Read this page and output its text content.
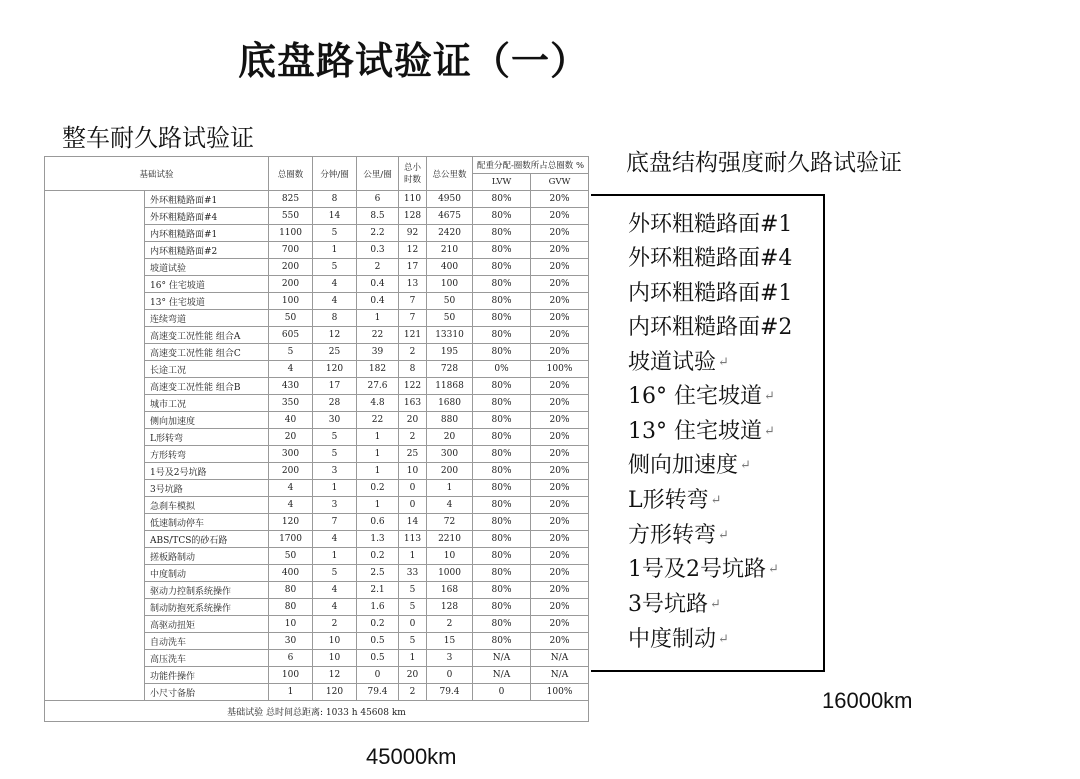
底盘路试验证（一）
整车耐久路试验证
底盘结构强度耐久路试验证
基础试验		总圈数	分钟/圈	公里/圈	总小时数	总公里数	配重分配-圈数所占总圈数 %	
							LVW	GVW
	外环粗糙路面#1	825	8	6	110	4950	80%	20%
	外环粗糙路面#4	550	14	8.5	128	4675	80%	20%
	内环粗糙路面#1	1100	5	2.2	92	2420	80%	20%
	内环粗糙路面#2	700	1	0.3	12	210	80%	20%
	坡道试验	200	5	2	17	400	80%	20%
	16° 住宅坡道	200	4	0.4	13	100	80%	20%
	13° 住宅坡道	100	4	0.4	7	50	80%	20%
	连续弯道	50	8	1	7	50	80%	20%
	高速变工况性能 组合A	605	12	22	121	13310	80%	20%
	高速变工况性能 组合C	5	25	39	2	195	80%	20%
	长途工况	4	120	182	8	728	0%	100%
	高速变工况性能 组合B	430	17	27.6	122	11868	80%	20%
	城市工况	350	28	4.8	163	1680	80%	20%
	侧向加速度	40	30	22	20	880	80%	20%
	L形转弯	20	5	1	2	20	80%	20%
	方形转弯	300	5	1	25	300	80%	20%
	1号及2号坑路	200	3	1	10	200	80%	20%
	3号坑路	4	1	0.2	0	1	80%	20%
	急刹车模拟	4	3	1	0	4	80%	20%
	低速制动停车	120	7	0.6	14	72	80%	20%
	ABS/TCS的砂石路	1700	4	1.3	113	2210	80%	20%
	搓板路制动	50	1	0.2	1	10	80%	20%
	中度制动	400	5	2.5	33	1000	80%	20%
	驱动力控制系统操作	80	4	2.1	5	168	80%	20%
	制动防抱死系统操作	80	4	1.6	5	128	80%	20%
	高驱动扭矩	10	2	0.2	0	2	80%	20%
	自动洗车	30	10	0.5	5	15	80%	20%
	高压洗车	6	10	0.5	1	3	N/A	N/A
	功能件操作	100	12	0	20	0	N/A	N/A
	小尺寸备胎	1	120	79.4	2	79.4	0	100%
基础试验 总时间总距离: 1033 h 45608 km								
45000km
外环粗糙路面#1
外环粗糙路面#4
内环粗糙路面#1
内环粗糙路面#2
坡道试验 ↵
16° 住宅坡道 ↵
13° 住宅坡道 ↵
侧向加速度 ↵
L形转弯 ↵
方形转弯 ↵
1号及2号坑路 ↵
3号坑路 ↵
中度制动 ↵
16000km
